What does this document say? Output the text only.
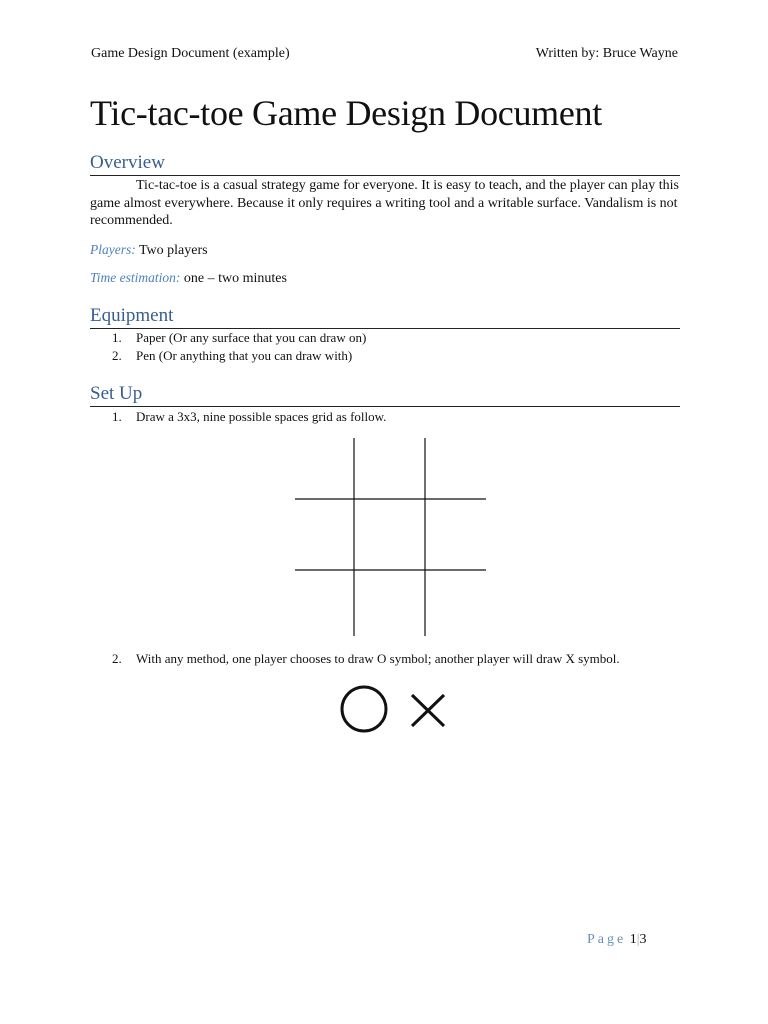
Game Design Document (example)	Written by: Bruce Wayne
Tic-tac-toe Game Design Document
Overview

Tic-tac-toe is a casual strategy game for everyone. It is easy to teach, and the player can play this game almost everywhere. Because it only requires a writing tool and a writable surface. Vandalism is not recommended.

Players: Two players
Time estimation: one – two minutes
Equipment
1. Paper (Or any surface that you can draw on)
2. Pen (Or anything that you can draw with)
Set Up
1. Draw a 3x3, nine possible spaces grid as follow.
2. With any method, one player chooses to draw O symbol; another player will draw X symbol.
Page 1|3
